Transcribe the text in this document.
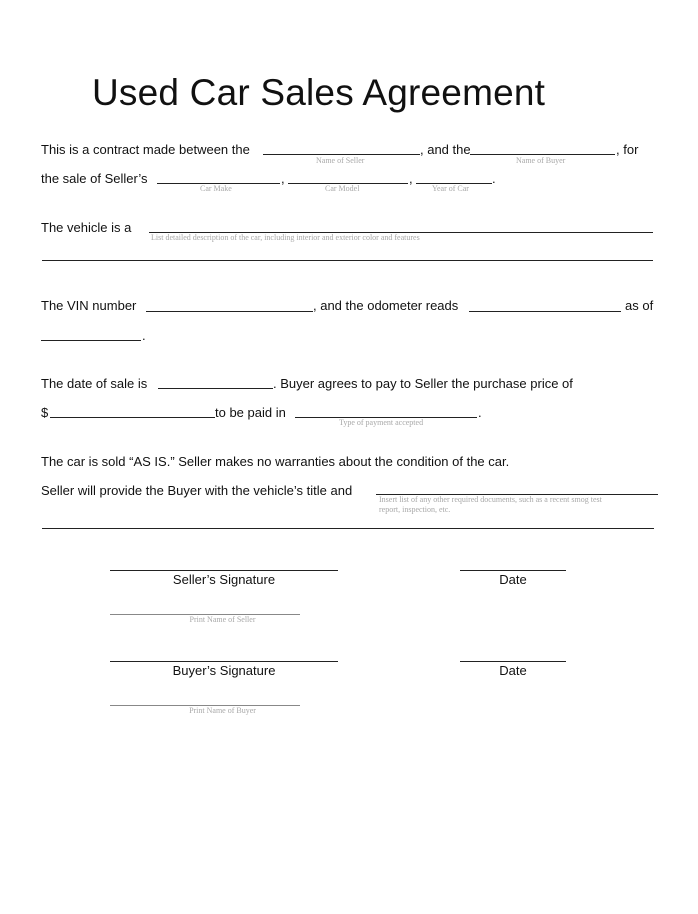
Used Car Sales Agreement
This is a contract made between the
Name of Seller
, and the
Name of Buyer
, for
the sale of Seller’s
Car Make
,
Car Model
,
Year of Car
.
The vehicle is a
List detailed description of the car, including interior and exterior color and features
The VIN number	, and the odometer reads	as of
.
The date of sale is	. Buyer agrees to pay to Seller the purchase price of
$	to be paid in
Type of payment accepted
.
The car is sold “AS IS.” Seller makes no warranties about the condition of the car.
Seller will provide the Buyer with the vehicle’s title and
Insert list of any other required documents, such as a recent smog test
report, inspection, etc.
Seller’s Signature	Date
Print Name of Seller
Buyer’s Signature	Date
Print Name of Buyer
